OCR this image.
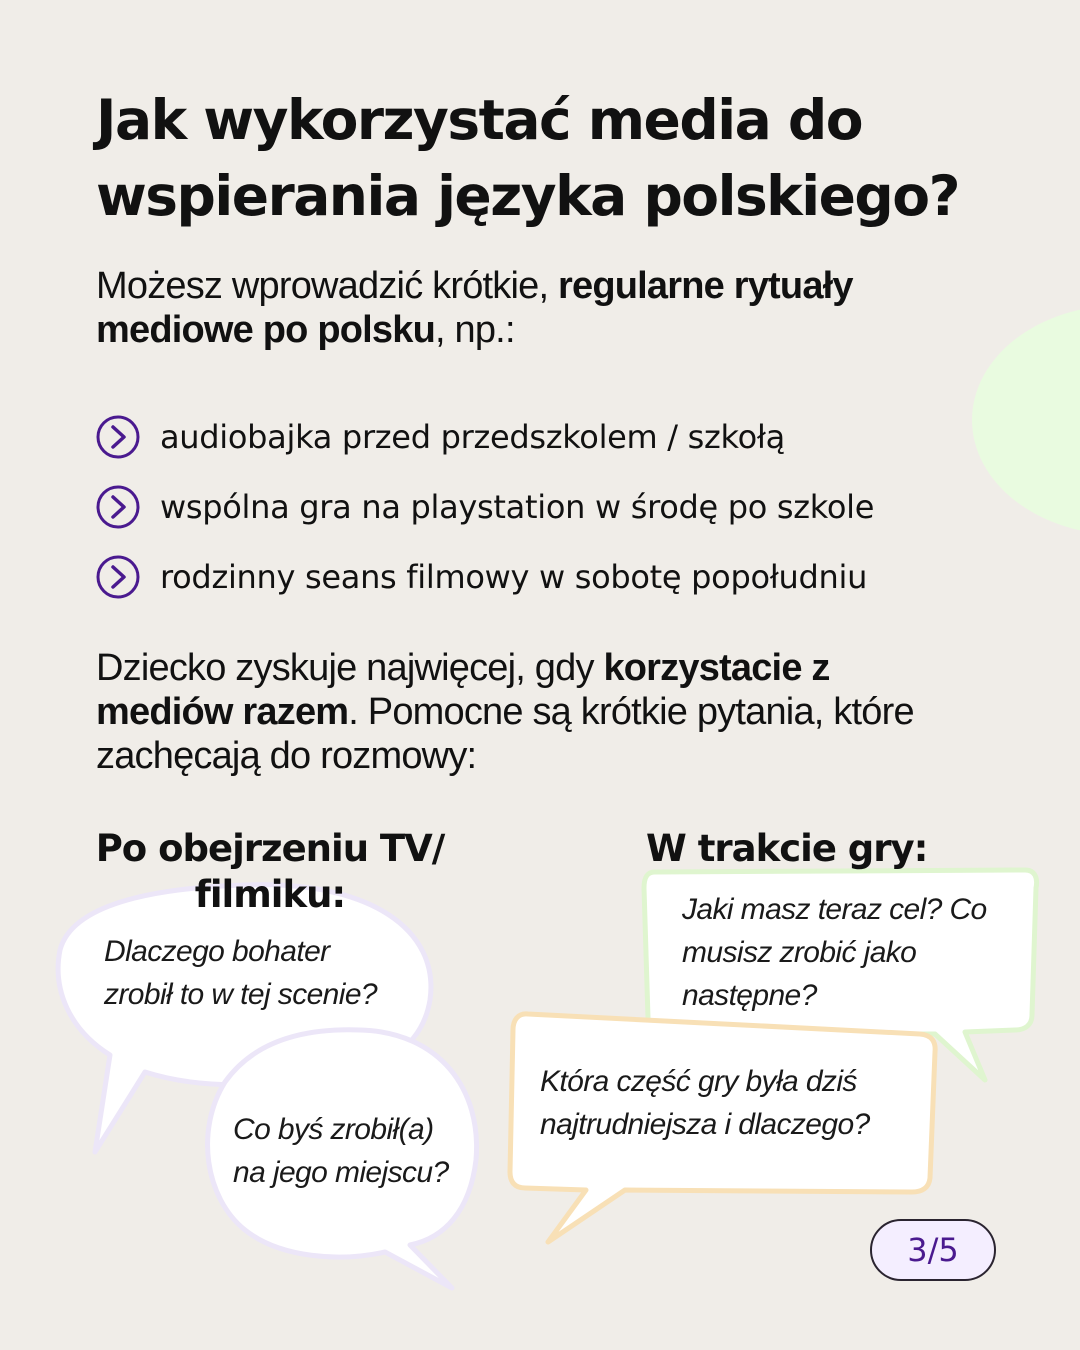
Jak wykorzystać media do wspierania języka polskiego?

Możesz wprowadzić krótkie, regularne rytuały mediowe po polsku, np.:

audiobajka przed przedszkolem / szkołą
wspólna gra na playstation w środę po szkole
rodzinny seans filmowy w sobotę popołudniu

Dziecko zyskuje najwięcej, gdy korzystacie z mediów razem. Pomocne są krótkie pytania, które zachęcają do rozmowy:

Po obejrzeniu TV/ filmiku:
W trakcie gry:

Dlaczego bohater zrobił to w tej scenie?

Co byś zrobił(a) na jego miejscu?

Jaki masz teraz cel? Co musisz zrobić jako następne?

Która część gry była dziś najtrudniejsza i dlaczego?

3/5
